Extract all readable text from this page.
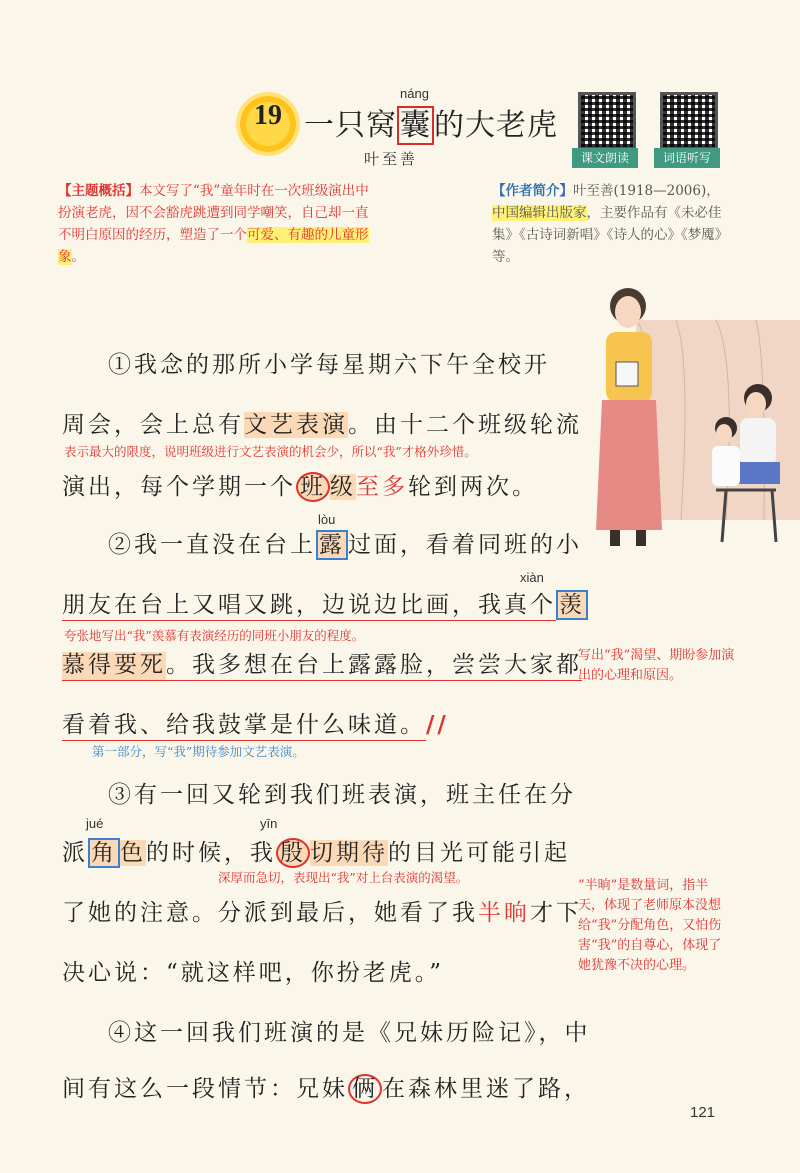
19
náng
一只窝 囊 的大老虎
叶至善	课文朗读	词语听写
【主题概括】本文写了“我”童年时在一次班级演出中扮演老虎，因不会豁虎跳遭到同学嘲笑，自己却一直不明白原因的经历，塑造了一个可爱、有趣的儿童形象。
【作者简介】叶至善(1918—2006)，中国编辑出版家，主要作品有《未必佳集》《古诗词新唱》《诗人的心》《梦魇》等。
①我念的那所小学每星期六下午全校开
周会，会上总有文艺表演。由十二个班级轮流
表示最大的限度，说明班级进行文艺表演的机会少，所以“我”才格外珍惜。
演出，每个学期一个 班 级至多轮到两次。
lòu
②我一直没在台上 露 过面，看着同班的小
xiàn
朋友在台上又唱又跳，边说边比画，我真个 羡
夸张地写出“我”羡慕有表演经历的同班小朋友的程度。
慕得要死。我多想在台上露露脸，尝尝大家都
写出“我”渴望、期盼参加演出的心理和原因。
看着我、给我鼓掌是什么味道。//
第一部分，写“我”期待参加文艺表演。
③有一回又轮到我们班表演，班主任在分
jué	yīn
派 角 色的时候，我 殷 切期待的目光可能引起
深厚而急切，表现出“我”对上台表演的渴望。
了她的注意。分派到最后，她看了我半晌才下
“半晌”是数量词，指半天，体现了老师原本没想给“我”分配角色，又怕伤害“我”的自尊心，体现了她犹豫不决的心理。
决心说：“就这样吧，你扮老虎。”
④这一回我们班演的是《兄妹历险记》，中
间有这么一段情节：兄妹 俩 在森林里迷了路，
121
